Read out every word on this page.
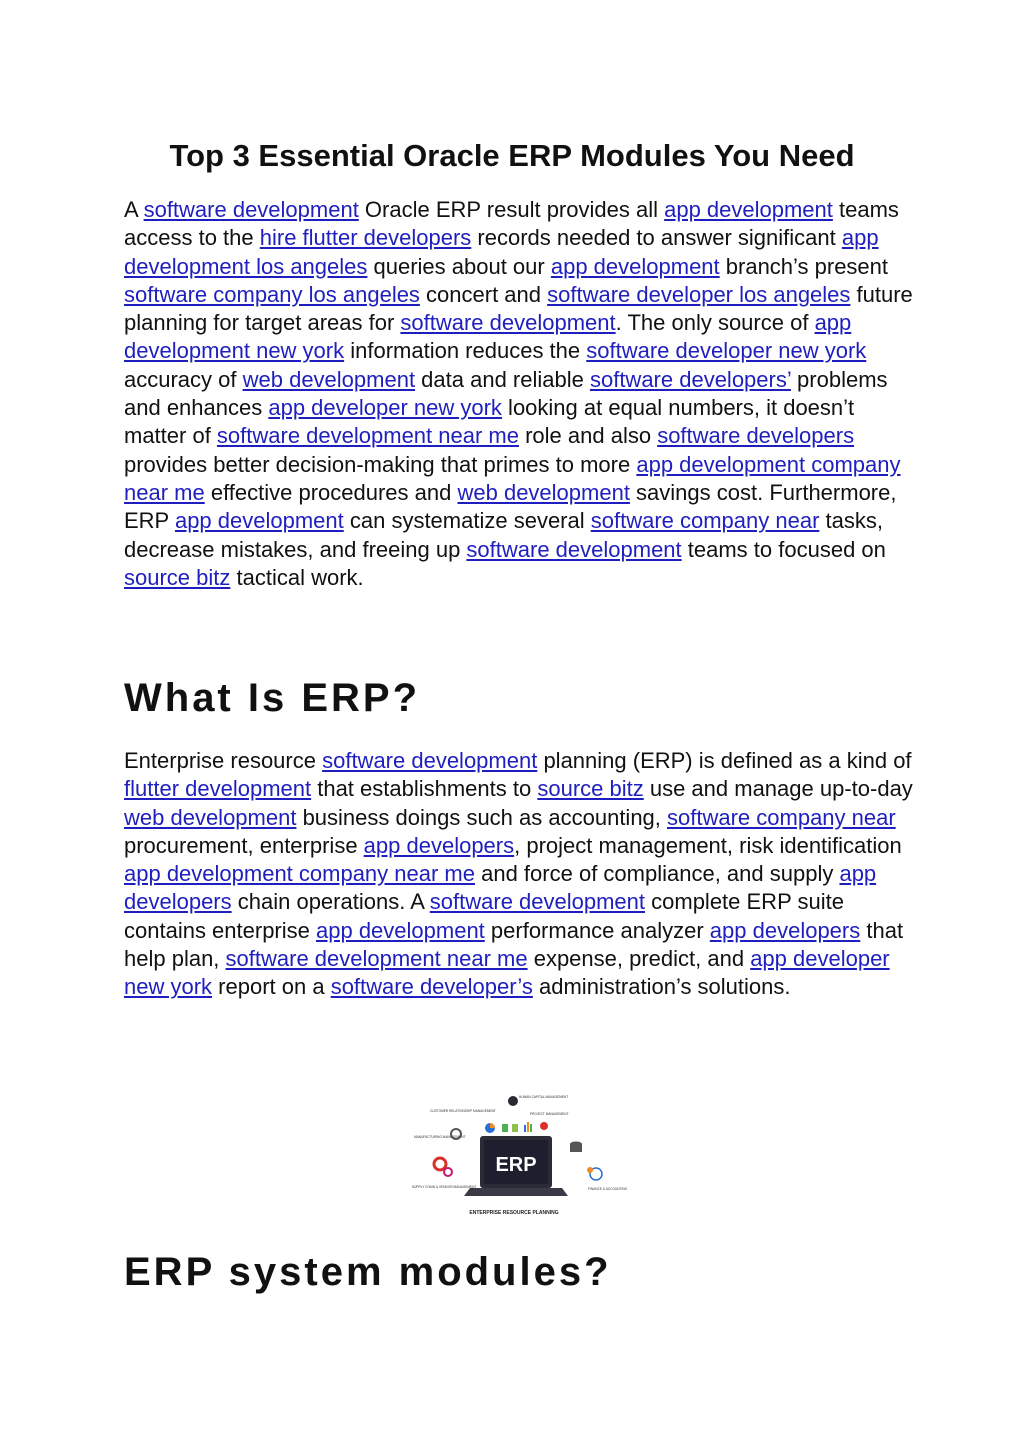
Top 3 Essential Oracle ERP Modules You Need

A software development Oracle ERP result provides all app development teams access to the hire flutter developers records needed to answer significant app development los angeles queries about our app development branch’s present software company los angeles concert and software developer los angeles future planning for target areas for software development. The only source of app development new york information reduces the software developer new york accuracy of web development data and reliable software developers’ problems and enhances app developer new york looking at equal numbers, it doesn’t matter of software development near me role and also software developers provides better decision-making that primes to more app development company near me effective procedures and web development savings cost. Furthermore, ERP app development can systematize several software company near tasks, decrease mistakes, and freeing up software development teams to focused on source bitz tactical work.

What Is ERP?

Enterprise resource software development planning (ERP) is defined as a kind of flutter development that establishments to source bitz use and manage up-to-day web development business doings such as accounting, software company near procurement, enterprise app developers, project management, risk identification app development company near me and force of compliance, and supply app developers chain operations. A software development complete ERP suite contains enterprise app development performance analyzer app developers that help plan, software development near me expense, predict, and app developer new york report on a software developer’s administration’s solutions.

ERP
HUMAN CAPITAL MANAGEMENT
CUSTOMER RELATIONSHIP MANAGEMENT
PROJECT MANAGEMENT
MANUFACTURING MANAGEMENT
SUPPLY CHAIN & VENDOR MANAGEMENT	FINANCE & ACCOUNTING
ENTERPRISE RESOURCE PLANNING
ERP system modules?
